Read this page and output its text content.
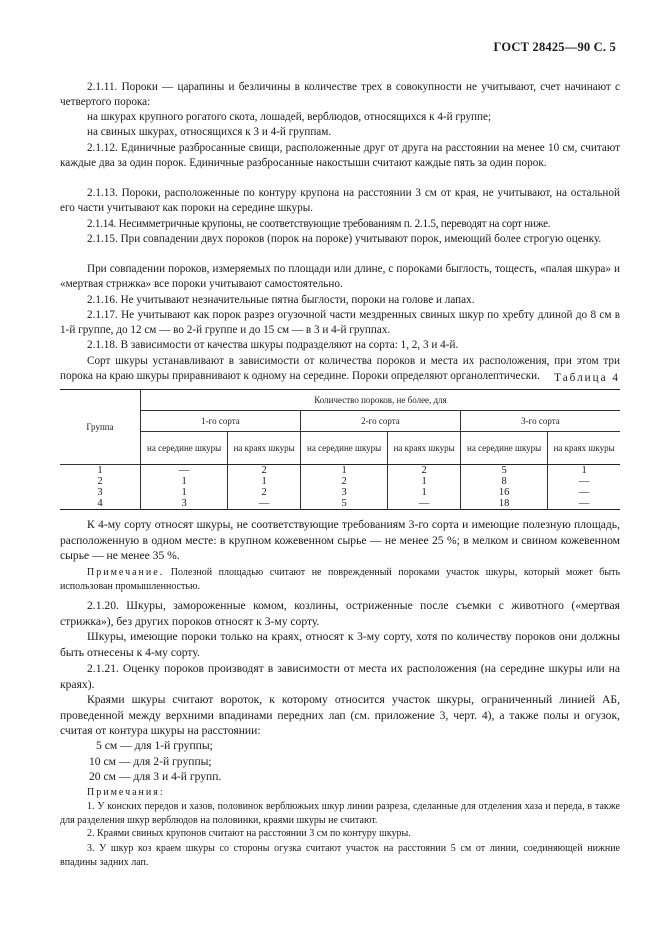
ГОСТ 28425—90 С. 5

2.1.11. Пороки — царапины и безличины в количестве трех в совокупности не учитывают, счет начинают с четвертого порока:

на шкурах крупного рогатого скота, лошадей, верблюдов, относящихся к 4-й группе;

на свиных шкурах, относящихся к 3 и 4-й группам.

2.1.12. Единичные разбросанные свищи, расположенные друг от друга на расстоянии на менее 10 см, считают каждые два за один порок. Единичные разбросанные накостыши считают каждые пять за один порок.

2.1.13. Пороки, расположенные по контуру крупона на расстоянии 3 см от края, не учитывают, на остальной его части учитывают как пороки на середине шкуры.

2.1.14. Несимметричные крупоны, не соответствующие требованиям п. 2.1.5, переводят на сорт ниже.

2.1.15. При совпадении двух пороков (порок на пороке) учитывают порок, имеющий более строгую оценку.

При совпадении пороков, измеряемых по площади или длине, с пороками быглость, тощесть, «палая шкура» и «мертвая стрижка» все пороки учитывают самостоятельно.

2.1.16. Не учитывают незначительные пятна быглости, пороки на голове и лапах.

2.1.17. Не учитывают как порок разрез огузочной части мездренных свиных шкур по хребту длиной до 8 см в 1-й группе, до 12 см — во 2-й группе и до 15 см — в 3 и 4-й группах.

2.1.18. В зависимости от качества шкуры подразделяют на сорта: 1, 2, 3 и 4-й.

Сорт шкуры устанавливают в зависимости от количества пороков и места их расположения, при этом три порока на краю шкуры приравнивают к одному на середине. Пороки определяют органолептически.	Таблица 4
Группа	Количество пороков, не более, для					
	1-го сорта		2-го сорта		3-го сорта	
	на середине шкуры	на краях шкуры	на середине шкуры	на краях шкуры	на середине шкуры	на краях шкуры
1	—	2	1	2	5	1
2	1	1	2	1	8	—
3	1	2	3	1	16	—
4	3	—	5	—	18	—

К 4-му сорту относят шкуры, не соответствующие требованиям 3-го сорта и имеющие полезную площадь, расположенную в одном месте: в крупном кожевенном сырье — не менее 25 %; в мелком и свином кожевенном сырье — не менее 35 %.

Примечание. Полезной площадью считают не поврежденный пороками участок шкуры, который может быть использован промышленностью.

2.1.20. Шкуры, замороженные комом, козлины, остриженные после съемки с животного («мертвая стрижка»), без других пороков относят к 3-му сорту.

Шкуры, имеющие пороки только на краях, относят к 3-му сорту, хотя по количеству пороков они должны быть отнесены к 4-му сорту.

2.1.21. Оценку пороков производят в зависимости от места их расположения (на середине шкуры или на краях).

Краями шкуры считают вороток, к которому относится участок шкуры, ограниченный линией АБ, проведенной между верхними впадинами передних лап (см. приложение 3, черт. 4), а также полы и огузок, считая от контура шкуры на расстоянии:

5 см — для 1-й группы;

10 см — для 2-й группы;

20 см — для 3 и 4-й групп.

Примечания:

1. У конских передов и хазов, половинок верблюжьих шкур линии разреза, сделанные для отделения хаза и переда, в также для разделения шкур верблюдов на половинки, краями шкуры не считают.

2. Краями свиных крупонов считают на расстоянии 3 см по контуру шкуры.

3. У шкур коз краем шкуры со стороны огузка считают участок на расстоянии 5 см от линии, соединяющей нижние впадины задних лап.
